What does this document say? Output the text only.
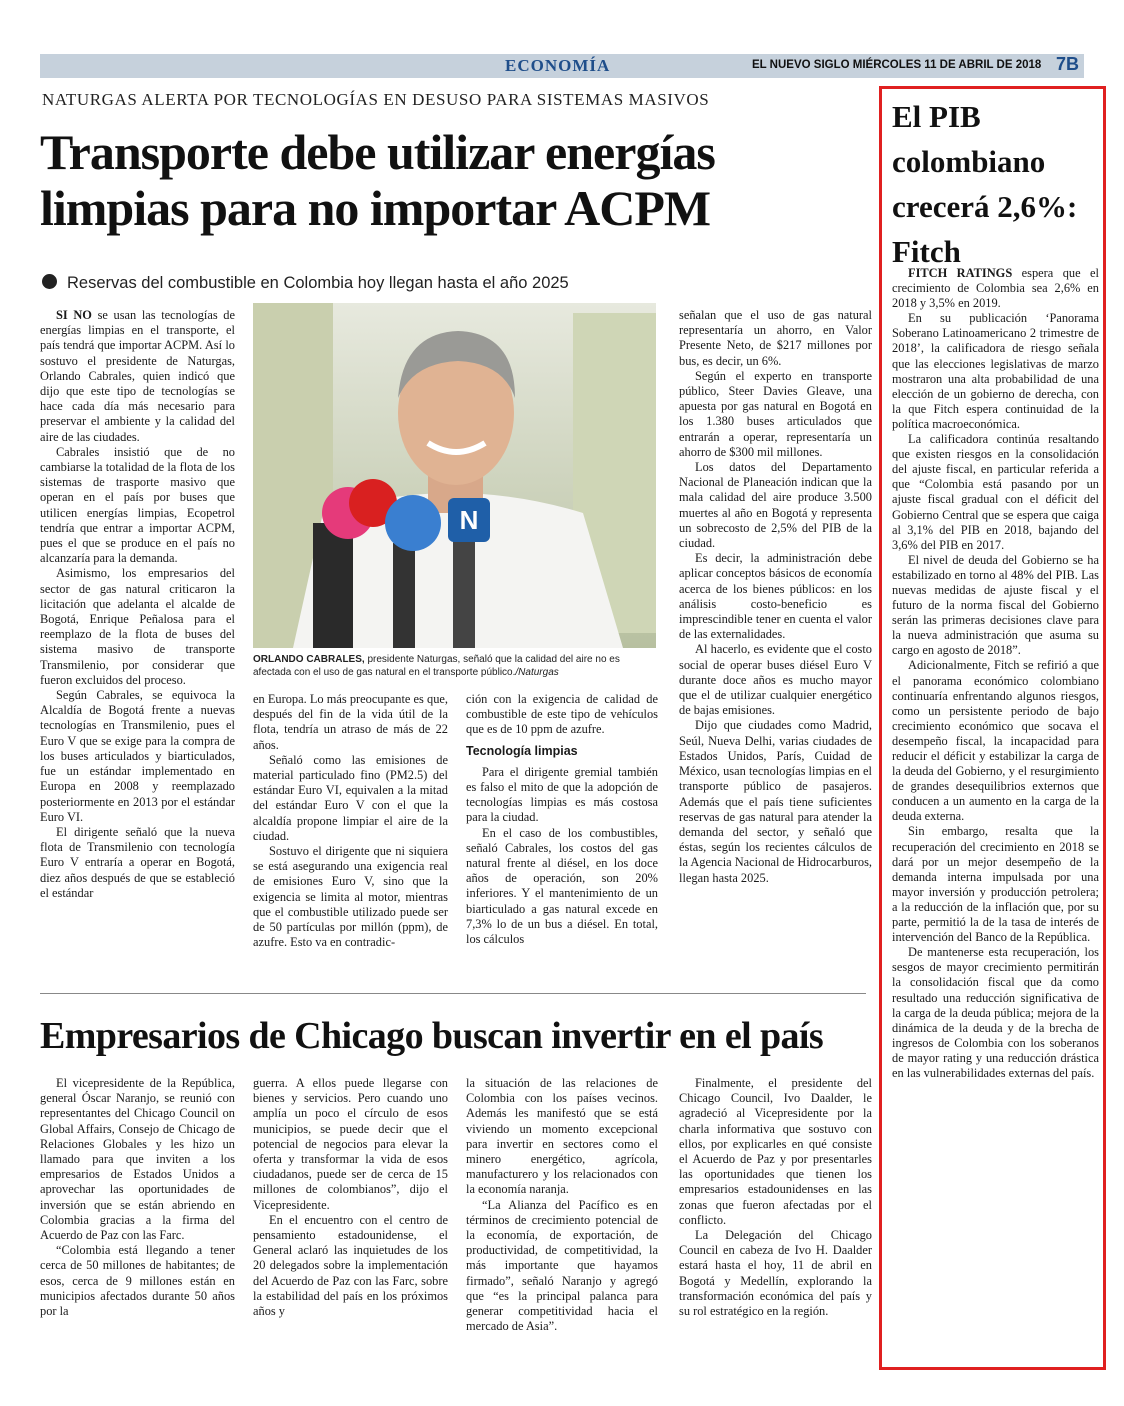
ECONOMÍA	EL NUEVO SIGLO MIÉRCOLES 11 DE ABRIL DE 2018 7B
NATURGAS ALERTA POR TECNOLOGÍAS EN DESUSO PARA SISTEMAS MASIVOS
Transporte debe utilizar energías limpias para no importar ACPM
Reservas del combustible en Colombia hoy llegan hasta el año 2025

SI NO se usan las tecnologías de energías limpias en el transporte, el país tendrá que importar ACPM. Así lo sostuvo el presidente de Naturgas, Orlando Cabrales, quien indicó que dijo que este tipo de tecnologías se hace cada día más necesario para preservar el ambiente y la calidad del aire de las ciudades.

Cabrales insistió que de no cambiarse la totalidad de la flota de los sistemas de trasporte masivo que operan en el país por buses que utilicen energías limpias, Ecopetrol tendría que entrar a importar ACPM, pues el que se produce en el país no alcanzaría para la demanda.

Asimismo, los empresarios del sector de gas natural criticaron la licitación que adelanta el alcalde de Bogotá, Enrique Peñalosa para el reemplazo de la flota de buses del sistema masivo de transporte Transmilenio, por considerar que fueron excluidos del proceso.

Según Cabrales, se equivoca la Alcaldía de Bogotá frente a nuevas tecnologías en Transmilenio, pues el Euro V que se exige para la compra de los buses articulados y biarticulados, fue un estándar implementado en Europa en 2008 y reemplazado posteriormente en 2013 por el estándar Euro VI.

El dirigente señaló que la nueva flota de Transmilenio con tecnología Euro V entraría a operar en Bogotá, diez años después de que se estableció el estándar

N
ORLANDO CABRALES, presidente Naturgas, señaló que la calidad del aire no es afectada con el uso de gas natural en el transporte público./Naturgas

en Europa. Lo más preocupante es que, después del fin de la vida útil de la flota, tendría un atraso de más de 22 años.

Señaló como las emisiones de material particulado fino (PM2.5) del estándar Euro VI, equivalen a la mitad del estándar Euro V con el que la alcaldía propone limpiar el aire de la ciudad.

Sostuvo el dirigente que ni siquiera se está asegurando una exigencia real de emisiones Euro V, sino que la exigencia se limita al motor, mientras que el combustible utilizado puede ser de 50 partículas por millón (ppm), de azufre. Esto va en contradic-

ción con la exigencia de calidad de combustible de este tipo de vehículos que es de 10 ppm de azufre.

Tecnología limpias

Para el dirigente gremial también es falso el mito de que la adopción de tecnologías limpias es más costosa para la ciudad.

En el caso de los combustibles, señaló Cabrales, los costos del gas natural frente al diésel, en los doce años de operación, son 20% inferiores. Y el mantenimiento de un biarticulado a gas natural excede en 7,3% lo de un bus a diésel. En total, los cálculos

señalan que el uso de gas natural representaría un ahorro, en Valor Presente Neto, de $217 millones por bus, es decir, un 6%.

Según el experto en transporte público, Steer Davies Gleave, una apuesta por gas natural en Bogotá en los 1.380 buses articulados que entrarán a operar, representaría un ahorro de $300 mil millones.

Los datos del Departamento Nacional de Planeación indican que la mala calidad del aire produce 3.500 muertes al año en Bogotá y representa un sobrecosto de 2,5% del PIB de la ciudad.

Es decir, la administración debe aplicar conceptos básicos de economía acerca de los bienes públicos: en los análisis costo-beneficio es imprescindible tener en cuenta el valor de las externalidades.

Al hacerlo, es evidente que el costo social de operar buses diésel Euro V durante doce años es mucho mayor que el de utilizar cualquier energético de bajas emisiones.

Dijo que ciudades como Madrid, Seúl, Nueva Delhi, varias ciudades de Estados Unidos, París, Cuidad de México, usan tecnologías limpias en el transporte público de pasajeros. Además que el país tiene suficientes reservas de gas natural para atender la demanda del sector, y señaló que éstas, según los recientes cálculos de la Agencia Nacional de Hidrocarburos, llegan hasta 2025.

Empresarios de Chicago buscan invertir en el país

El vicepresidente de la República, general Óscar Naranjo, se reunió con representantes del Chicago Council on Global Affairs, Consejo de Chicago de Relaciones Globales y les hizo un llamado para que inviten a los empresarios de Estados Unidos a aprovechar las oportunidades de inversión que se están abriendo en Colombia gracias a la firma del Acuerdo de Paz con las Farc.

“Colombia está llegando a tener cerca de 50 millones de habitantes; de esos, cerca de 9 millones están en municipios afectados durante 50 años por la

guerra. A ellos puede llegarse con bienes y servicios. Pero cuando uno amplía un poco el círculo de esos municipios, se puede decir que el potencial de negocios para elevar la oferta y transformar la vida de esos ciudadanos, puede ser de cerca de 15 millones de colombianos”, dijo el Vicepresidente.

En el encuentro con el centro de pensamiento estadounidense, el General aclaró las inquietudes de los 20 delegados sobre la implementación del Acuerdo de Paz con las Farc, sobre la estabilidad del país en los próximos años y

la situación de las relaciones de Colombia con los países vecinos. Además les manifestó que se está viviendo un momento excepcional para invertir en sectores como el minero energético, agrícola, manufacturero y los relacionados con la economía naranja.

“La Alianza del Pacífico es en términos de crecimiento potencial de la economía, de exportación, de productividad, de competitividad, la más importante que hayamos firmado”, señaló Naranjo y agregó que “es la principal palanca para generar competitividad hacia el mercado de Asia”.

Finalmente, el presidente del Chicago Council, Ivo Daalder, le agradeció al Vicepresidente por la charla informativa que sostuvo con ellos, por explicarles en qué consiste el Acuerdo de Paz y por presentarles las oportunidades que tienen los empresarios estadounidenses en las zonas que fueron afectadas por el conflicto.

La Delegación del Chicago Council en cabeza de Ivo H. Daalder estará hasta el hoy, 11 de abril en Bogotá y Medellín, explorando la transformación económica del país y su rol estratégico en la región.

El PIB colombiano crecerá 2,6%: Fitch

FITCH RATINGS espera que el crecimiento de Colombia sea 2,6% en 2018 y 3,5% en 2019.

En su publicación ‘Panorama Soberano Latinoamericano 2 trimestre de 2018’, la calificadora de riesgo señala que las elecciones legislativas de marzo mostraron una alta probabilidad de una elección de un gobierno de derecha, con la que Fitch espera continuidad de la política macroeconómica.

La calificadora continúa resaltando que existen riesgos en la consolidación del ajuste fiscal, en particular referida a que “Colombia está pasando por un ajuste fiscal gradual con el déficit del Gobierno Central que se espera que caiga al 3,1% del PIB en 2018, bajando del 3,6% del PIB en 2017.

El nivel de deuda del Gobierno se ha estabilizado en torno al 48% del PIB. Las nuevas medidas de ajuste fiscal y el futuro de la norma fiscal del Gobierno serán las primeras decisiones clave para la nueva administración que asuma su cargo en agosto de 2018”.

Adicionalmente, Fitch se refirió a que el panorama económico colombiano continuaría enfrentando algunos riesgos, como un persistente periodo de bajo crecimiento económico que socava el desempeño fiscal, la incapacidad para reducir el déficit y estabilizar la carga de la deuda del Gobierno, y el resurgimiento de grandes desequilibrios externos que conducen a un aumento en la carga de la deuda externa.

Sin embargo, resalta que la recuperación del crecimiento en 2018 se dará por un mejor desempeño de la demanda interna impulsada por una mayor inversión y producción petrolera; a la reducción de la inflación que, por su parte, permitió la de la tasa de interés de intervención del Banco de la República.

De mantenerse esta recuperación, los sesgos de mayor crecimiento permitirán la consolidación fiscal que da como resultado una reducción significativa de la carga de la deuda pública; mejora de la dinámica de la deuda y de la brecha de ingresos de Colombia con los soberanos de mayor rating y una reducción drástica en las vulnerabilidades externas del país.
